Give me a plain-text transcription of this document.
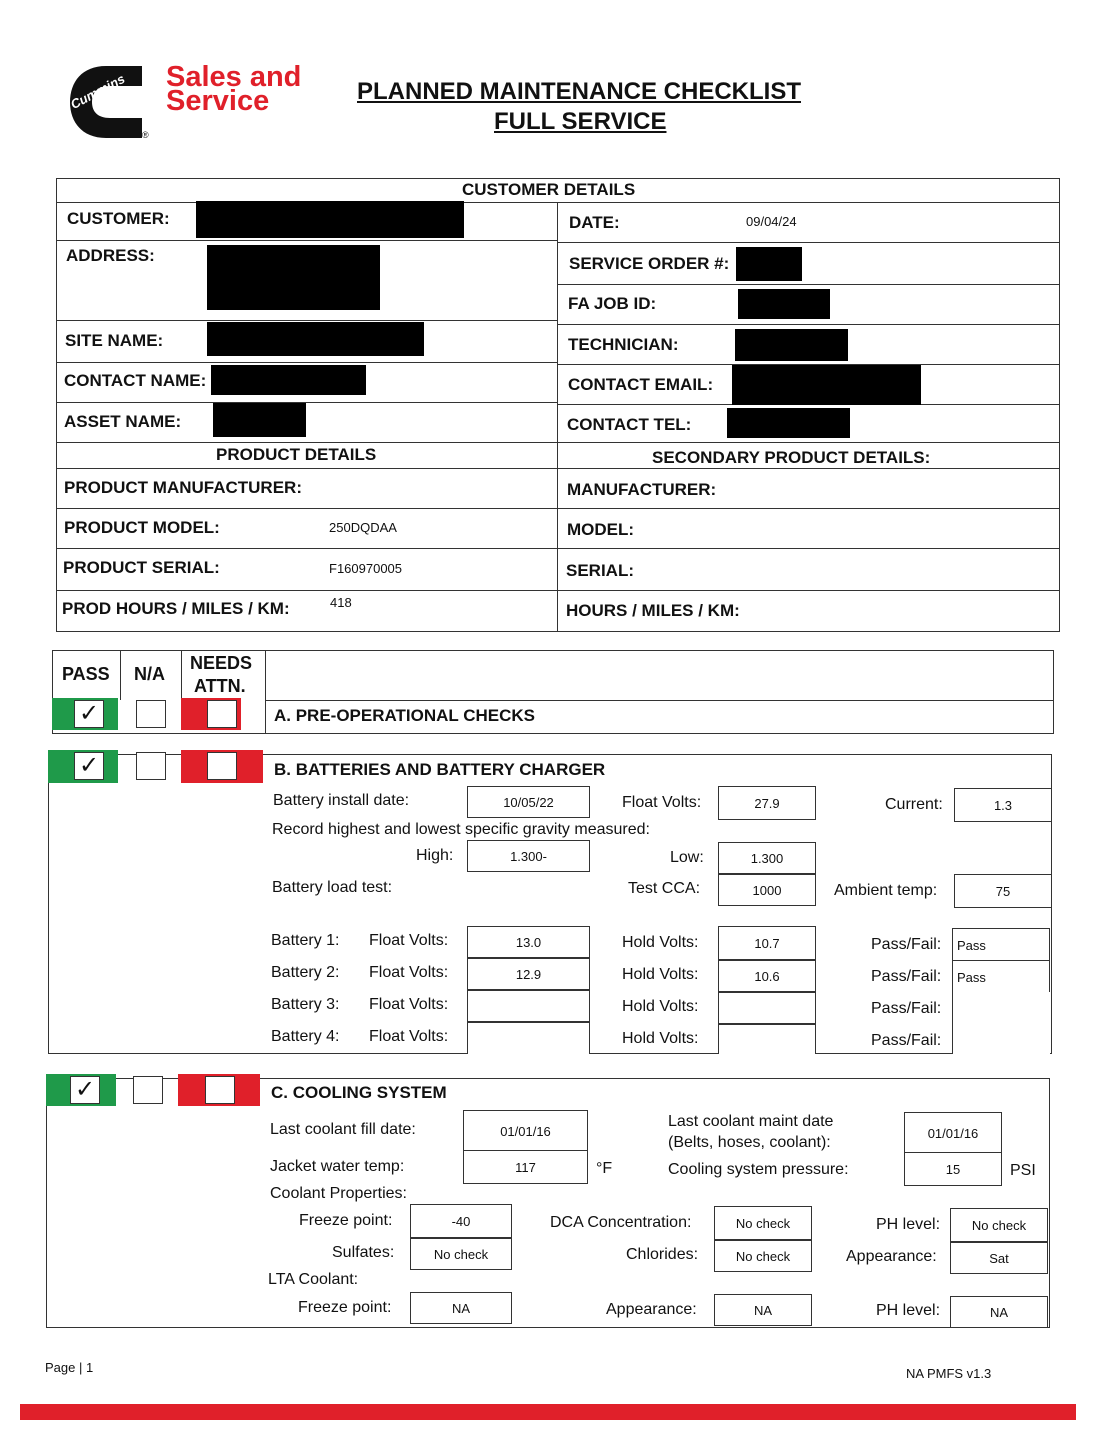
Cummins
®
Sales and
Service	PLANNED MAINTENANCE CHECKLIST
FULL SERVICE
CUSTOMER DETAILS
CUSTOMER:
ADDRESS:
SITE NAME:
CONTACT NAME:
ASSET NAME:
DATE:	09/04/24
SERVICE ORDER #:
FA JOB ID:
TECHNICIAN:
CONTACT EMAIL:
CONTACT TEL:
PRODUCT DETAILS	SECONDARY PRODUCT DETAILS:
PRODUCT MANUFACTURER:	MANUFACTURER:
PRODUCT MODEL:	250DQDAA	MODEL:
PRODUCT SERIAL:	F160970005	SERIAL:
PROD HOURS / MILES / KM:	418	HOURS / MILES / KM:
PASS N/A
NEEDS
ATTN.
✓	A. PRE-OPERATIONAL CHECKS
✓	B. BATTERIES AND BATTERY CHARGER
Battery install date:	10/05/22	Float Volts:	27.9	Current:	1.3
Record highest and lowest specific gravity measured:
High:	1.300-	Low:	1.300
Battery load test:	Test CCA:	1000	Ambient temp:	75
Battery 1: Float Volts:	13.0	Hold Volts:	10.7	Pass/Fail:	Pass
Battery 2: Float Volts:	12.9	Hold Volts:	10.6	Pass/Fail:	Pass
Battery 3: Float Volts:	Hold Volts:	Pass/Fail:
Battery 4: Float Volts:	Hold Volts:	Pass/Fail:
✓	C. COOLING SYSTEM
Last coolant fill date:	01/01/16
Last coolant maint date
(Belts, hoses, coolant):
01/01/16
Jacket water temp:	117	°F	Cooling system pressure:	15	PSI
Coolant Properties:
Freeze point:	-40	DCA Concentration:	No check	PH level:	No check
Sulfates:	No check	Chlorides:	No check	Appearance:	Sat
LTA Coolant:
Freeze point:	NA	Appearance:	NA	PH level:	NA
Page | 1	NA PMFS v1.3
